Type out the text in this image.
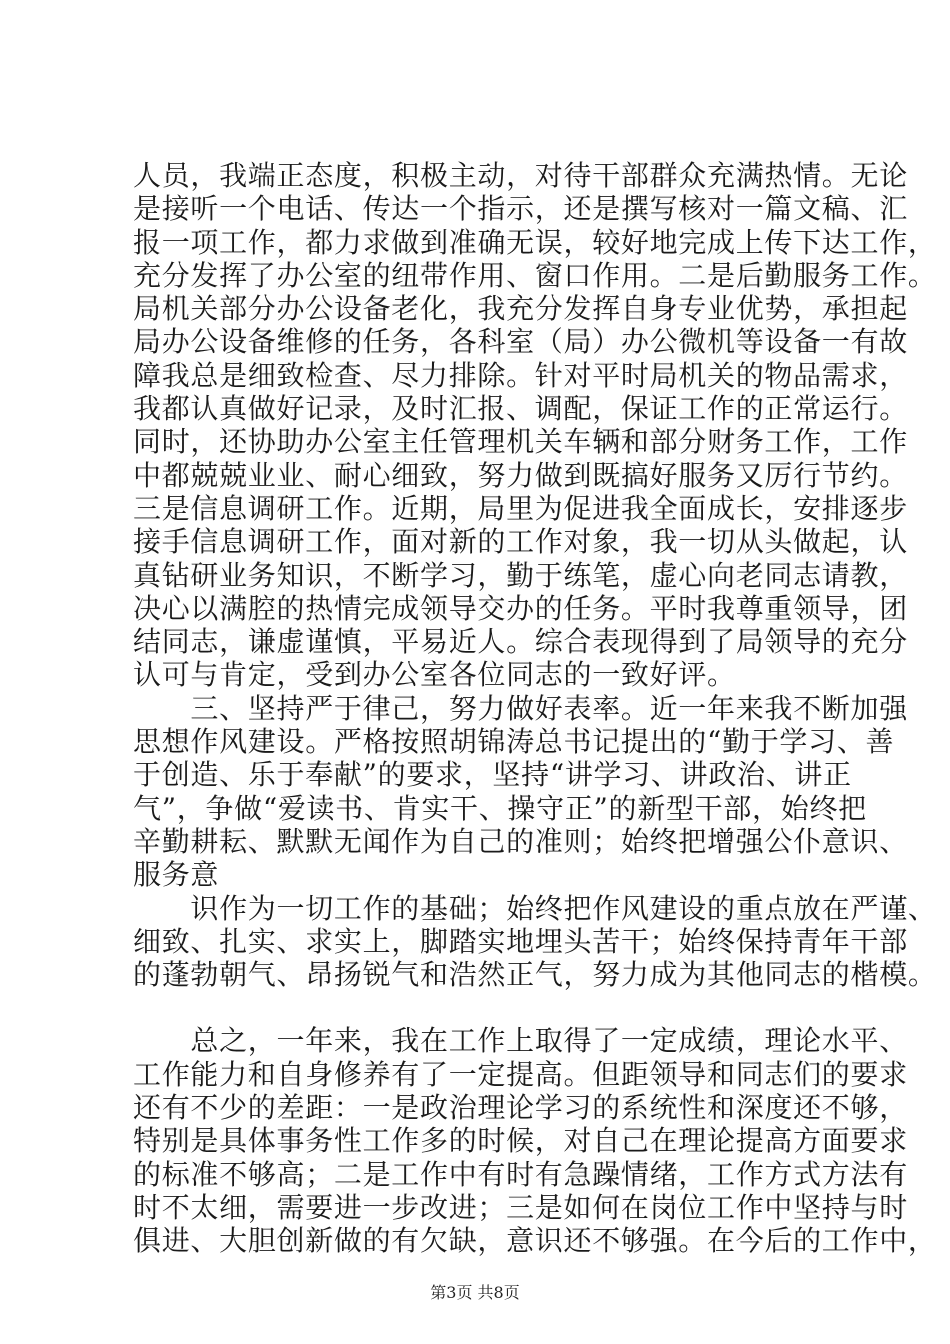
人员，我端正态度，积极主动，对待干部群众充满热情。无论
是接听一个电话、传达一个指示，还是撰写核对一篇文稿、汇
报一项工作，都力求做到准确无误，较好地完成上传下达工作，
充分发挥了办公室的纽带作用、窗口作用。二是后勤服务工作。
局机关部分办公设备老化，我充分发挥自身专业优势，承担起
局办公设备维修的任务，各科室（局）办公微机等设备一有故
障我总是细致检查、尽力排除。针对平时局机关的物品需求，
我都认真做好记录，及时汇报、调配，保证工作的正常运行。
同时，还协助办公室主任管理机关车辆和部分财务工作，工作
中都兢兢业业、耐心细致，努力做到既搞好服务又厉行节约。
三是信息调研工作。近期，局里为促进我全面成长，安排逐步
接手信息调研工作，面对新的工作对象，我一切从头做起，认
真钻研业务知识，不断学习，勤于练笔，虚心向老同志请教，
决心以满腔的热情完成领导交办的任务。平时我尊重领导，团
结同志，谦虚谨慎，平易近人。综合表现得到了局领导的充分
认可与肯定，受到办公室各位同志的一致好评。
　　三、坚持严于律己，努力做好表率。近一年来我不断加强
思想作风建设。严格按照胡锦涛总书记提出的“勤于学习、善
于创造、乐于奉献”的要求，坚持“讲学习、讲政治、讲正
气”，争做“爱读书、肯实干、操守正”的新型干部，始终把
辛勤耕耘、默默无闻作为自己的准则；始终把增强公仆意识、
服务意
　　识作为一切工作的基础；始终把作风建设的重点放在严谨、
细致、扎实、求实上，脚踏实地埋头苦干；始终保持青年干部
的蓬勃朝气、昂扬锐气和浩然正气，努力成为其他同志的楷模。
　　总之，一年来，我在工作上取得了一定成绩，理论水平、
工作能力和自身修养有了一定提高。但距领导和同志们的要求
还有不少的差距：一是政治理论学习的系统性和深度还不够，
特别是具体事务性工作多的时候，对自己在理论提高方面要求
的标准不够高；二是工作中有时有急躁情绪，工作方式方法有
时不太细，需要进一步改进；三是如何在岗位工作中坚持与时
俱进、大胆创新做的有欠缺，意识还不够强。在今后的工作中，
第3页 共8页
